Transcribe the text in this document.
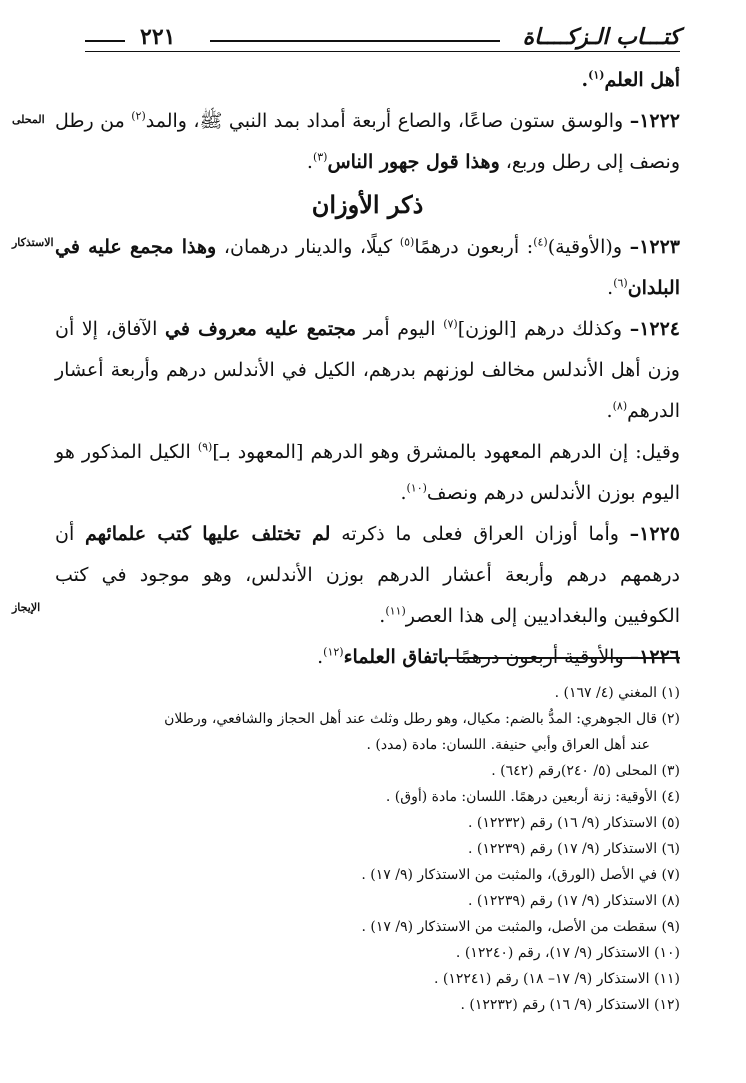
كتـــاب الـزكــــاة
٢٢١
المحلى
الاستذكار
الإيجاز

أهل العلم$^{(١)}$.

١٢٢٢– والوسق ستون صاعًا، والصاع أربعة أمداد بمد النبي ﷺ، والمد$^{(٢)}$ من رطل ونصف إلى رطل وربع، وهذا قول جهور الناس$^{(٣)}$.

ذكر الأوزان

١٢٢٣– و(الأوقية)$^{(٤)}$: أربعون درهمًا$^{(٥)}$ كيلًا، والدينار درهمان، وهذا مجمع عليه في البلدان$^{(٦)}$.

١٢٢٤– وكذلك درهم [الوزن]$^{(٧)}$ اليوم أمر مجتمع عليه معروف في الآفاق، إلا أن وزن أهل الأندلس مخالف لوزنهم بدرهم، الكيل في الأندلس درهم وأربعة أعشار الدرهم$^{(٨)}$.

وقيل: إن الدرهم المعهود بالمشرق وهو الدرهم [المعهود بـ]$^{(٩)}$ الكيل المذكور هو اليوم بوزن الأندلس درهم ونصف$^{(١٠)}$.

١٢٢٥– وأما أوزان العراق فعلى ما ذكرته لم تختلف عليها كتب علمائهم أن درهمهم درهم وأربعة أعشار الدرهم بوزن الأندلس، وهو موجود في كتب الكوفيين والبغداديين إلى هذا العصر$^{(١١)}$.

١٢٢٦– والأوقية أربعون درهمًا باتفاق العلماء$^{(١٢)}$.

(١) المغني (٤/ ١٦٧) .

(٢) قال الجوهري: المدُّ بالضم: مكيال، وهو رطل وثلث عند أهل الحجاز والشافعي، ورطلان

عند أهل العراق وأبي حنيفة. اللسان: مادة (مدد) .

(٣) المحلى (٥/ ٢٤٠)رقم (٦٤٢) .

(٤) الأوقية: زنة أربعين درهمًا. اللسان: مادة (أوق) .

(٥) الاستذكار (٩/ ١٦) رقم (١٢٢٣٢) .

(٦) الاستذكار (٩/ ١٧) رقم (١٢٢٣٩) .

(٧) في الأصل (الورق)، والمثبت من الاستذكار (٩/ ١٧) .

(٨) الاستذكار (٩/ ١٧) رقم (١٢٢٣٩) .

(٩) سقطت من الأصل، والمثبت من الاستذكار (٩/ ١٧) .

(١٠) الاستذكار (٩/ ١٧)، رقم (١٢٢٤٠) .

(١١) الاستذكار (٩/ ١٧– ١٨) رقم (١٢٢٤١) .

(١٢) الاستذكار (٩/ ١٦) رقم (١٢٢٣٢) .
